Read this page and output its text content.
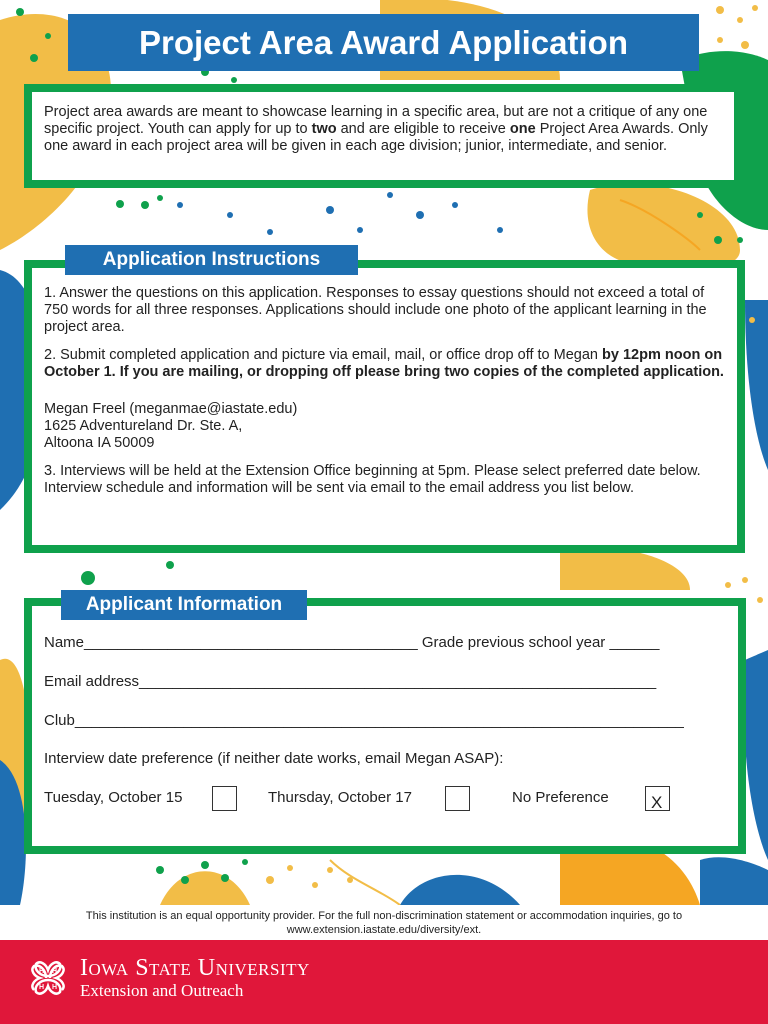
Project Area Award Application
Project area awards are meant to showcase learning in a specific area, but are not a critique of any one specific project. Youth can apply for up to two and are eligible to receive one Project Area Awards. Only one award in each project area will be given in each age division; junior, intermediate, and senior.

1. Answer the questions on this application. Responses to essay questions should not exceed a total of 750 words for all three responses. Applications should include one photo of the applicant learning in the project area.

2. Submit completed application and picture via email, mail, or office drop off to Megan by 12pm noon on October 1. If you are mailing, or dropping off please bring two copies of the completed application.

Megan Freel (meganmae@iastate.edu)
1625 Adventureland Dr. Ste. A,
Altoona IA 50009

3. Interviews will be held at the Extension Office beginning at 5pm. Please select preferred date below. Interview schedule and information will be sent via email to the email address you list below.

Application Instructions
Name________________________________________ Grade previous school year ______
Email address______________________________________________________________
Club_________________________________________________________________________
Interview date preference (if neither date works, email Megan ASAP):
Tuesday, October 15	Thursday, October 17	No Preference X
Applicant Information
This institution is an equal opportunity provider. For the full non-discrimination statement or accommodation inquiries, go to
www.extension.iastate.edu/diversity/ext.
H H
H H
Iowa State University
Extension and Outreach
